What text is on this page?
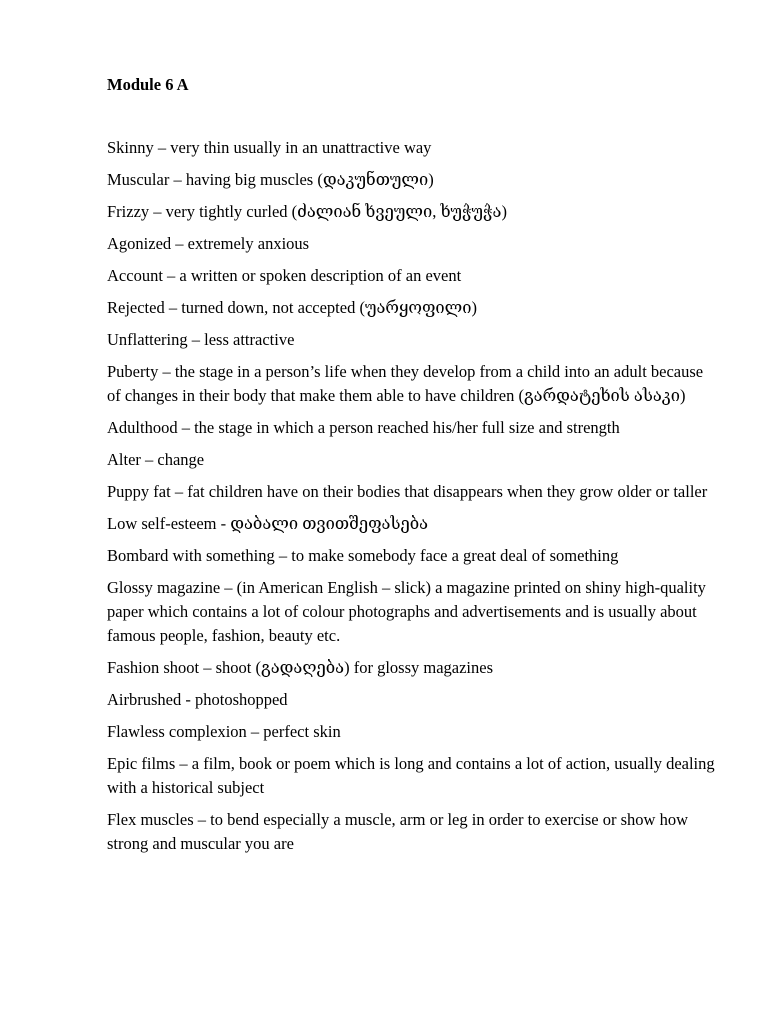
Module 6 A
Skinny – very thin usually in an unattractive way
Muscular – having big muscles (დაკუნთული)
Frizzy – very tightly curled (ძალიან ხვეული, ხუჭუჭა)
Agonized – extremely anxious
Account – a written or spoken description of an event
Rejected – turned down, not accepted (უარყოფილი)
Unflattering – less attractive
Puberty – the stage in a person’s life when they develop from a child into an adult because of changes in their body that make them able to have children (გარდატეხის ასაკი)
Adulthood – the stage in which a person reached his/her full size and strength
Alter – change
Puppy fat – fat children have on their bodies that disappears when they grow older or taller
Low self-esteem - დაბალი თვითშეფასება
Bombard with something – to make somebody face a great deal of something
Glossy magazine – (in American English – slick) a magazine printed on shiny high-quality paper which contains a lot of colour photographs and advertisements and is usually about famous people, fashion, beauty etc.
Fashion shoot – shoot (გადაღება) for glossy magazines
Airbrushed - photoshopped
Flawless complexion – perfect skin
Epic films – a film, book or poem which is long and contains a lot of action, usually dealing with a historical subject
Flex muscles – to bend especially a muscle, arm or leg in order to exercise or show how strong and muscular you are
